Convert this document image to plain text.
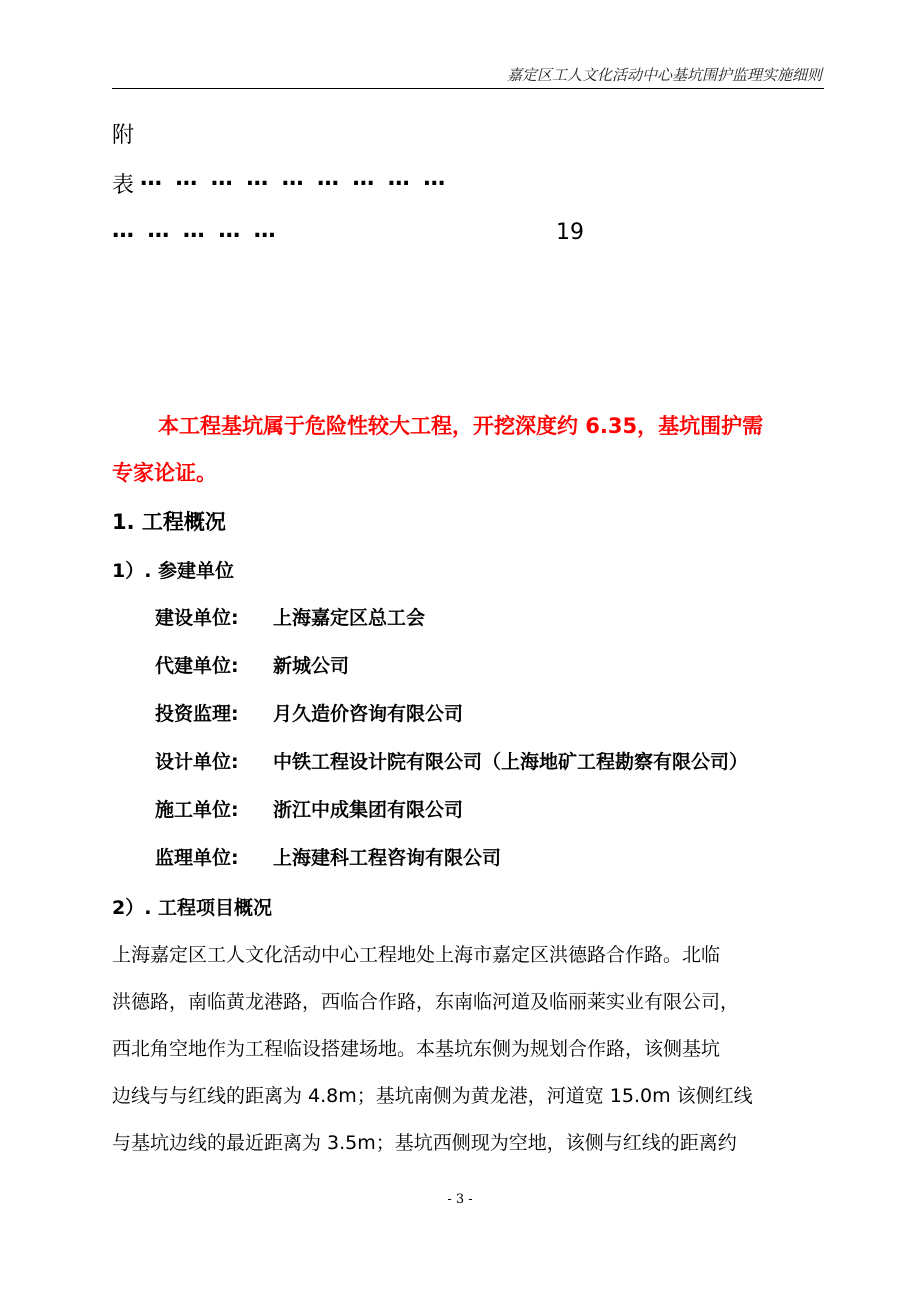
嘉定区工人文化活动中心基坑围护监理实施细则
附
表 ………………………
……………	19
本工程基坑属于危险性较大工程，开挖深度约 6.35，基坑围护需
专家论证。
1. 工程概况
1）. 参建单位
建设单位: 上海嘉定区总工会
代建单位: 新城公司
投资监理: 月久造价咨询有限公司
设计单位: 中铁工程设计院有限公司（上海地矿工程勘察有限公司）
施工单位: 浙江中成集团有限公司
监理单位: 上海建科工程咨询有限公司
2）. 工程项目概况
上海嘉定区工人文化活动中心工程地处上海市嘉定区洪德路合作路。北临
洪德路，南临黄龙港路，西临合作路，东南临河道及临丽莱实业有限公司，
西北角空地作为工程临设搭建场地。本基坑东侧为规划合作路，该侧基坑
边线与与红线的距离为 4.8m；基坑南侧为黄龙港，河道宽 15.0m 该侧红线
与基坑边线的最近距离为 3.5m；基坑西侧现为空地，该侧与红线的距离约
- 3 -
